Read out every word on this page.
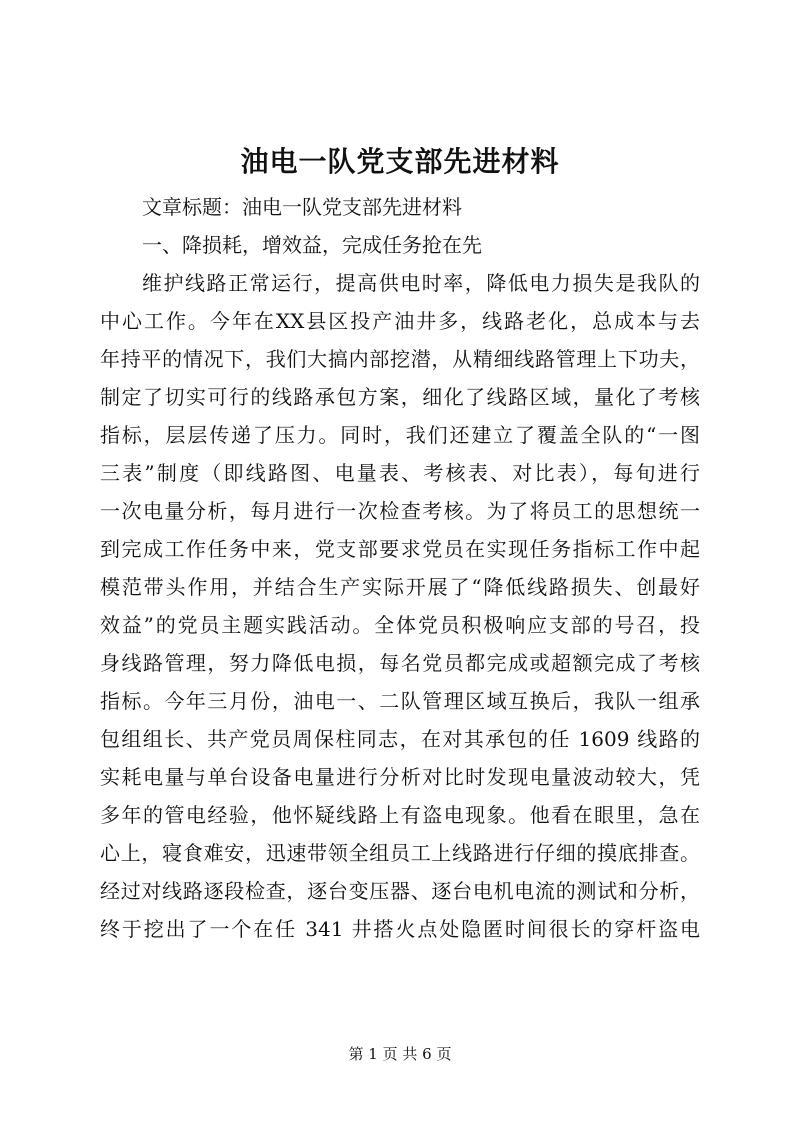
油电一队党支部先进材料
文章标题：油电一队党支部先进材料
一、降损耗，增效益，完成任务抢在先
维护线路正常运行，提高供电时率，降低电力损失是我队的
中心工作。今年在XX县区投产油井多，线路老化，总成本与去
年持平的情况下，我们大搞内部挖潜，从精细线路管理上下功夫，
制定了切实可行的线路承包方案，细化了线路区域，量化了考核
指标，层层传递了压力。同时，我们还建立了覆盖全队的“一图
三表”制度（即线路图、电量表、考核表、对比表），每旬进行
一次电量分析，每月进行一次检查考核。为了将员工的思想统一
到完成工作任务中来，党支部要求党员在实现任务指标工作中起
模范带头作用，并结合生产实际开展了“降低线路损失、创最好
效益”的党员主题实践活动。全体党员积极响应支部的号召，投
身线路管理，努力降低电损，每名党员都完成或超额完成了考核
指标。今年三月份，油电一、二队管理区域互换后，我队一组承
包组组长、共产党员周保柱同志，在对其承包的任 1609 线路的
实耗电量与单台设备电量进行分析对比时发现电量波动较大，凭
多年的管电经验，他怀疑线路上有盗电现象。他看在眼里，急在
心上，寝食难安，迅速带领全组员工上线路进行仔细的摸底排查。
经过对线路逐段检查，逐台变压器、逐台电机电流的测试和分析，
终于挖出了一个在任 341 井搭火点处隐匿时间很长的穿杆盗电
第 1 页 共 6 页
